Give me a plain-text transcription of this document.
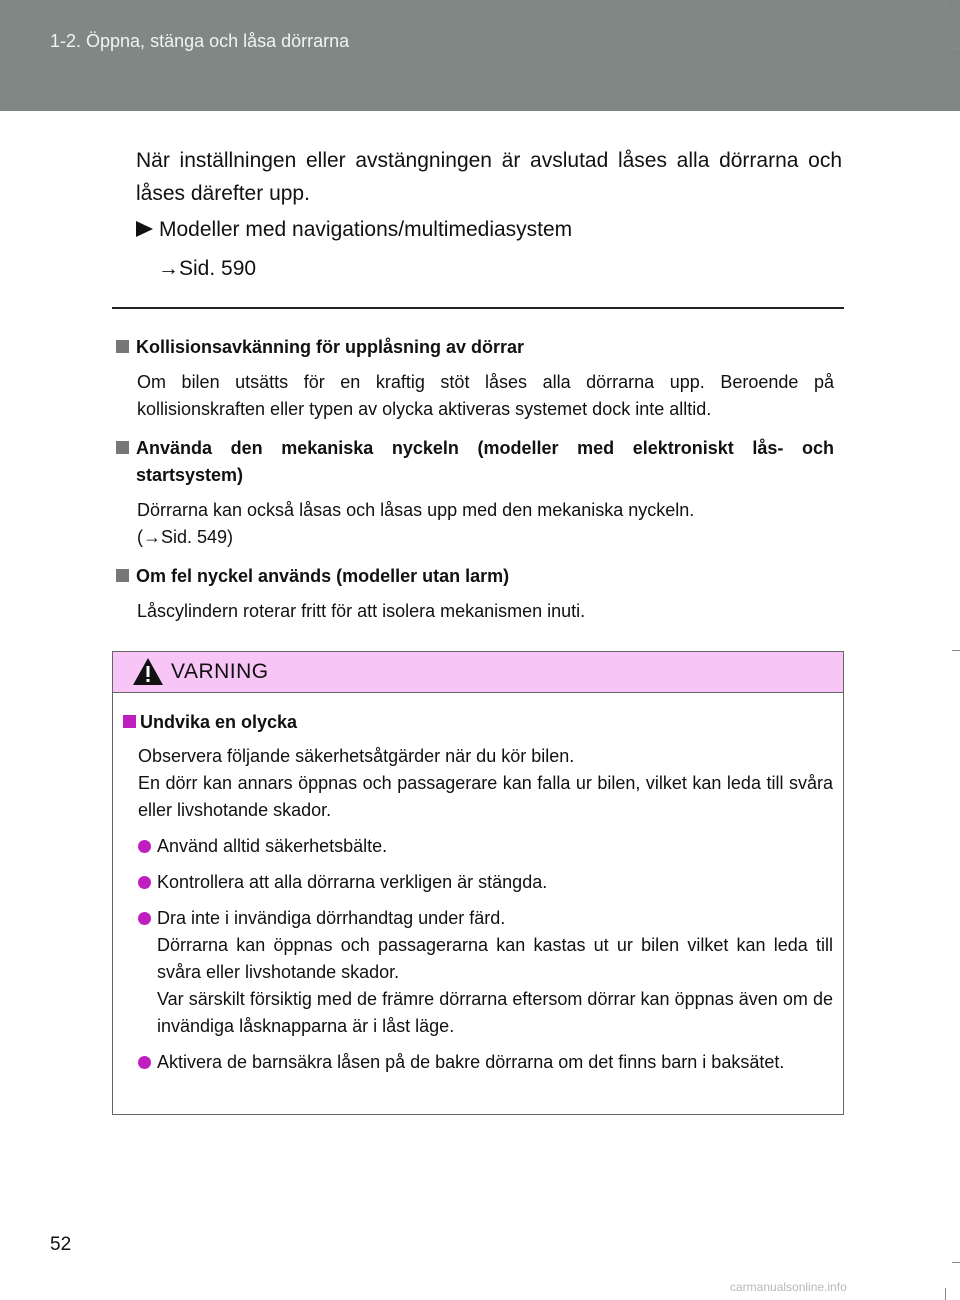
1-2. Öppna, stänga och låsa dörrarna
När inställningen eller avstängningen är avslutad låses alla dörrarna och låses därefter upp.
Modeller med navigations/multimediasystem
→Sid. 590
Kollisionsavkänning för upplåsning av dörrar
Om bilen utsätts för en kraftig stöt låses alla dörrarna upp. Beroende på kollisionskraften eller typen av olycka aktiveras systemet dock inte alltid.
Använda den mekaniska nyckeln (modeller med elektroniskt lås- och startsystem)
Dörrarna kan också låsas och låsas upp med den mekaniska nyckeln.
(→Sid. 549)
Om fel nyckel används (modeller utan larm)
Låscylindern roterar fritt för att isolera mekanismen inuti.
VARNING
Undvika en olycka
Observera följande säkerhetsåtgärder när du kör bilen.
En dörr kan annars öppnas och passagerare kan falla ur bilen, vilket kan leda till svåra eller livshotande skador.
Använd alltid säkerhetsbälte.
Kontrollera att alla dörrarna verkligen är stängda.
Dra inte i invändiga dörrhandtag under färd.
Dörrarna kan öppnas och passagerarna kan kastas ut ur bilen vilket kan leda till svåra eller livshotande skador.
Var särskilt försiktig med de främre dörrarna eftersom dörrar kan öppnas även om de invändiga låsknapparna är i låst läge.
Aktivera de barnsäkra låsen på de bakre dörrarna om det finns barn i baksätet.
52
carmanualsonline.info
